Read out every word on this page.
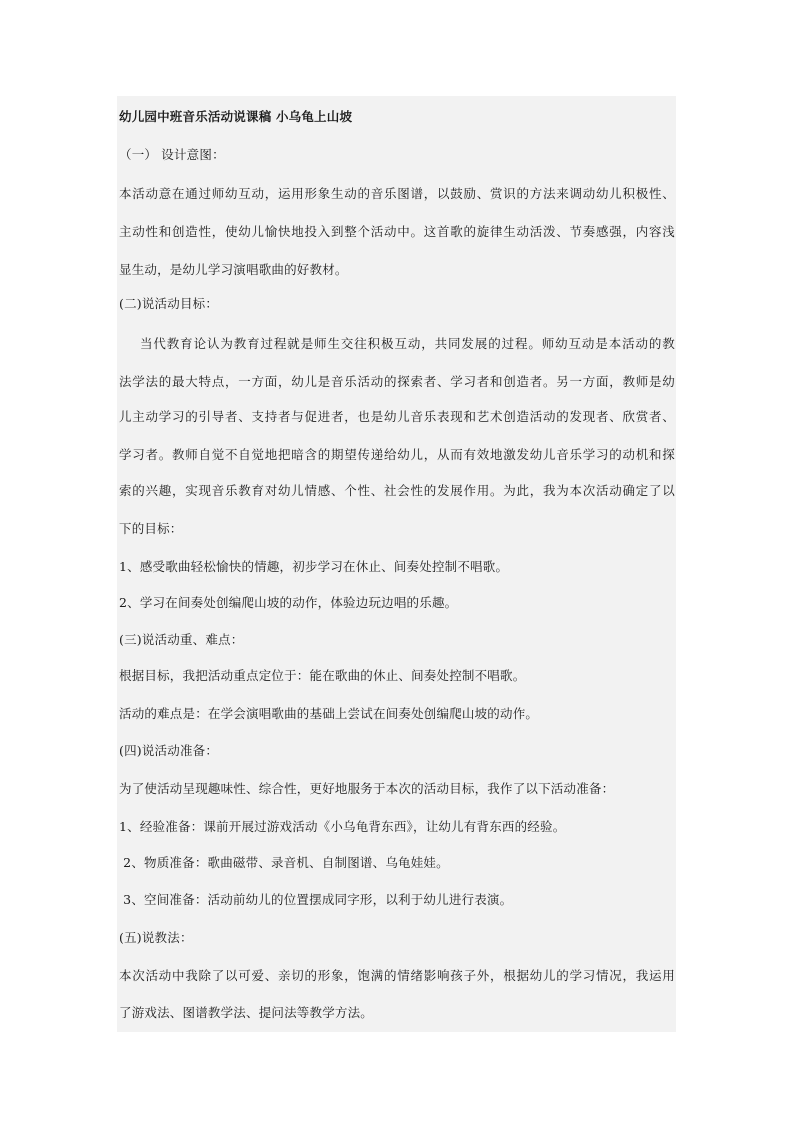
幼儿园中班音乐活动说课稿 小乌龟上山坡
（一） 设计意图：
本活动意在通过师幼互动，运用形象生动的音乐图谱，以鼓励、赏识的方法来调动幼儿积极性、
主动性和创造性，使幼儿愉快地投入到整个活动中。这首歌的旋律生动活泼、节奏感强，内容浅
显生动，是幼儿学习演唱歌曲的好教材。
(二)说活动目标：
当代教育论认为教育过程就是师生交往积极互动，共同发展的过程。师幼互动是本活动的教
法学法的最大特点，一方面，幼儿是音乐活动的探索者、学习者和创造者。另一方面，教师是幼
儿主动学习的引导者、支持者与促进者，也是幼儿音乐表现和艺术创造活动的发现者、欣赏者、
学习者。教师自觉不自觉地把暗含的期望传递给幼儿，从而有效地激发幼儿音乐学习的动机和探
索的兴趣，实现音乐教育对幼儿情感、个性、社会性的发展作用。为此，我为本次活动确定了以
下的目标：
1、感受歌曲轻松愉快的情趣，初步学习在休止、间奏处控制不唱歌。
2、学习在间奏处创编爬山坡的动作，体验边玩边唱的乐趣。
(三)说活动重、难点：
根据目标，我把活动重点定位于：能在歌曲的休止、间奏处控制不唱歌。
活动的难点是：在学会演唱歌曲的基础上尝试在间奏处创编爬山坡的动作。
(四)说活动准备：
为了使活动呈现趣味性、综合性，更好地服务于本次的活动目标，我作了以下活动准备：
1、经验准备：课前开展过游戏活动《小乌龟背东西》，让幼儿有背东西的经验。
2、物质准备：歌曲磁带、录音机、自制图谱、乌龟娃娃。
3、空间准备：活动前幼儿的位置摆成同字形，以利于幼儿进行表演。
(五)说教法：
本次活动中我除了以可爱、亲切的形象，饱满的情绪影响孩子外，根据幼儿的学习情况，我运用
了游戏法、图谱教学法、提问法等教学方法。
